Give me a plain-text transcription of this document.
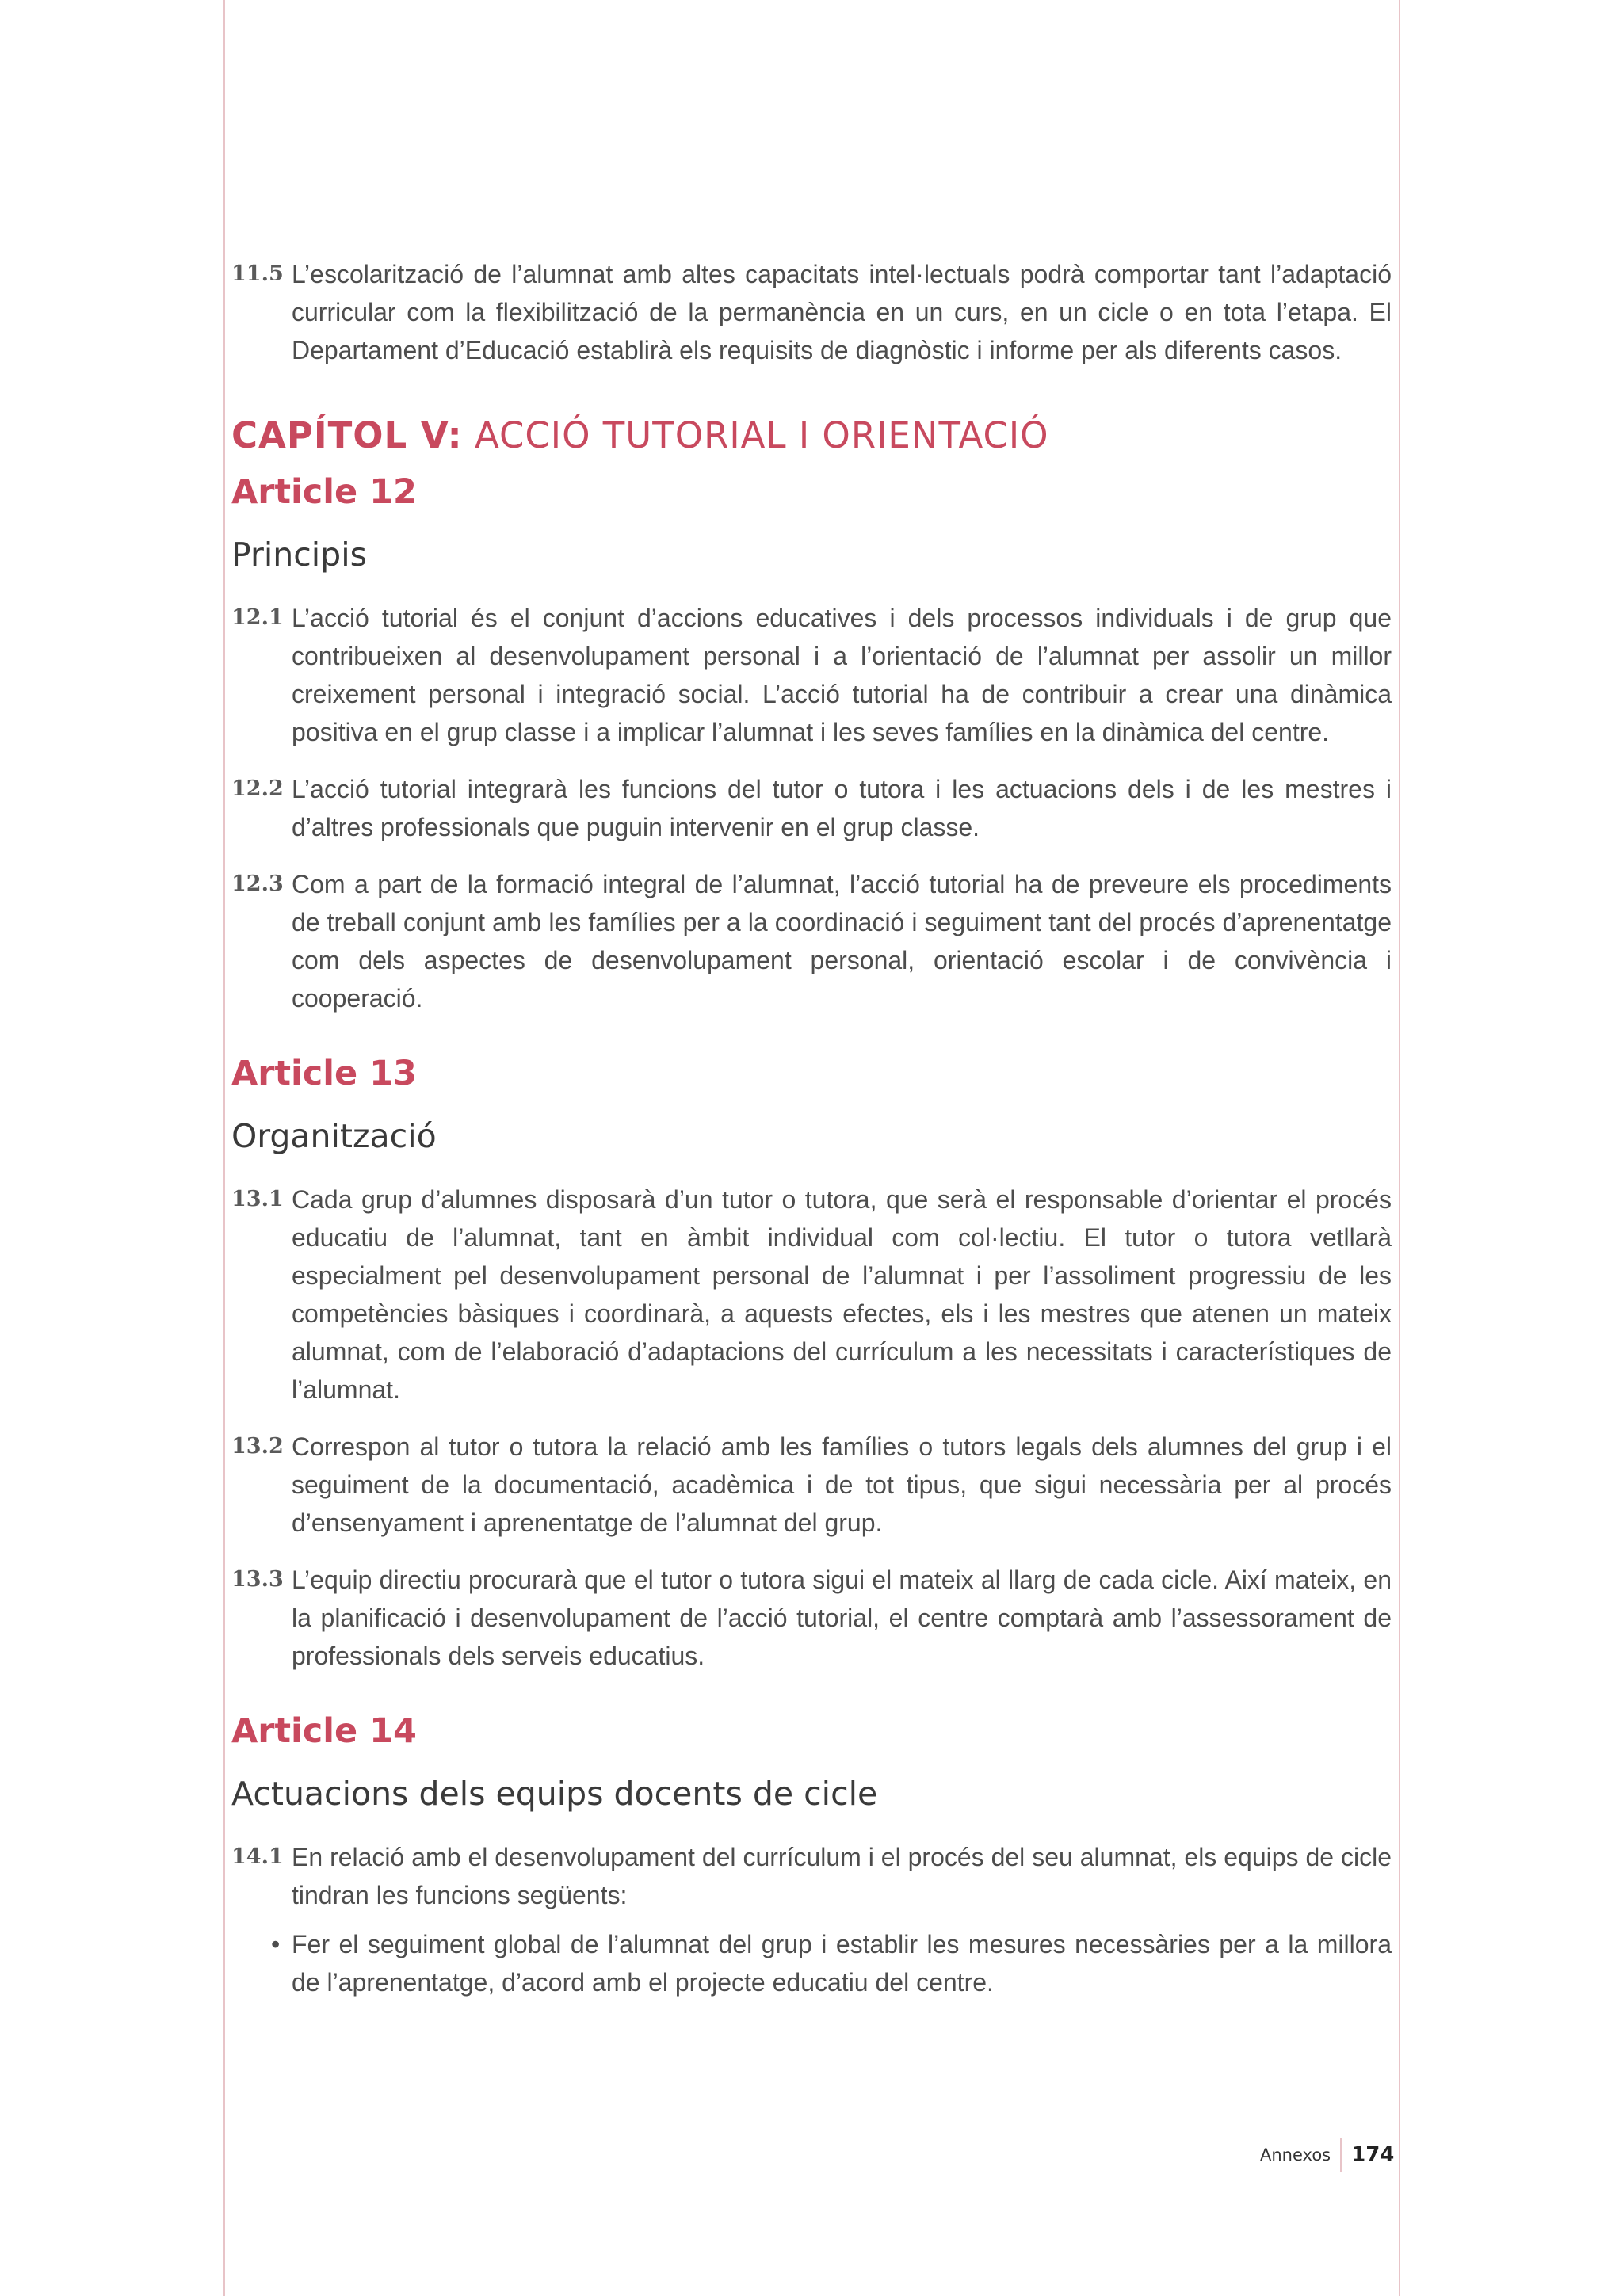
11.5 L’escolarització de l’alumnat amb altes capacitats intel·lectuals podrà comportar tant l’adaptació curricular com la flexibilització de la permanència en un curs, en un cicle o en tota l’etapa. El Departament d’Educació establirà els requisits de diagnòstic i informe per als diferents casos.
CAPÍTOL V: ACCIÓ TUTORIAL I ORIENTACIÓ
Article 12
Principis
12.1 L’acció tutorial és el conjunt d’accions educatives i dels processos individuals i de grup que contribueixen al desenvolupament personal i a l’orientació de l’alumnat per assolir un millor creixement personal i integració social. L’acció tutorial ha de contribuir a crear una dinàmica positiva en el grup classe i a implicar l’alumnat i les seves famílies en la dinàmica del centre.
12.2 L’acció tutorial integrarà les funcions del tutor o tutora i les actuacions dels i de les mestres i d’altres professionals que puguin intervenir en el grup classe.
12.3 Com a part de la formació integral de l’alumnat, l’acció tutorial ha de preveure els procediments de treball conjunt amb les famílies per a la coordinació i seguiment tant del procés d’aprenentatge com dels aspectes de desenvolupament personal, orientació escolar i de convivència i cooperació.
Article 13
Organització
13.1 Cada grup d’alumnes disposarà d’un tutor o tutora, que serà el responsable d’orientar el procés educatiu de l’alumnat, tant en àmbit individual com col·lectiu. El tutor o tutora vetllarà especialment pel desenvolupament personal de l’alumnat i per l’assoliment progressiu de les competències bàsiques i coordinarà, a aquests efectes, els i les mestres que atenen un mateix alumnat, com de l’elaboració d’adaptacions del currículum a les necessitats i característiques de l’alumnat.
13.2 Correspon al tutor o tutora la relació amb les famílies o tutors legals dels alumnes del grup i el seguiment de la documentació, acadèmica i de tot tipus, que sigui necessària per al procés d’ensenyament i aprenentatge de l’alumnat del grup.
13.3 L’equip directiu procurarà que el tutor o tutora sigui el mateix al llarg de cada cicle. Així mateix, en la planificació i desenvolupament de l’acció tutorial, el centre comptarà amb l’assessorament de professionals dels serveis educatius.
Article 14
Actuacions dels equips docents de cicle
14.1 En relació amb el desenvolupament del currículum i el procés del seu alumnat, els equips de cicle tindran les funcions següents:
• Fer el seguiment global de l’alumnat del grup i establir les mesures necessàries per a la millora de l’aprenentatge, d’acord amb el projecte educatiu del centre.
Annexos 174
